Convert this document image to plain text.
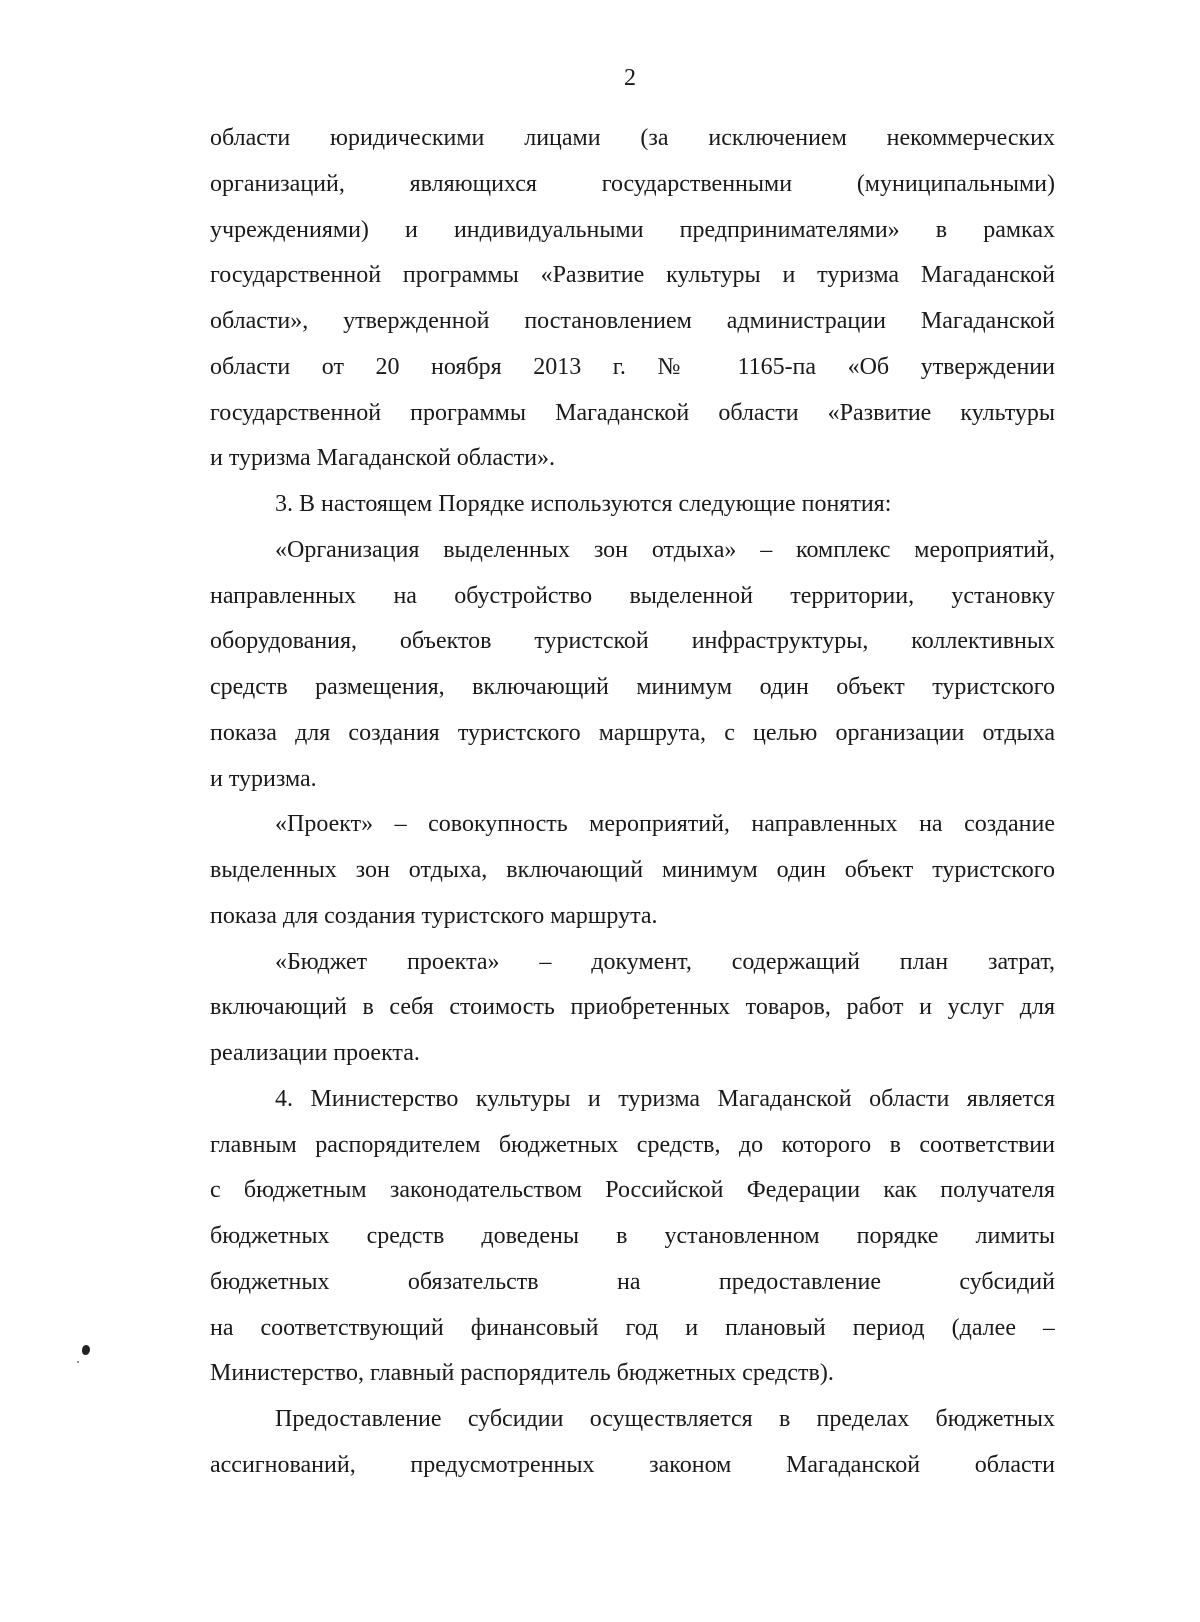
2
области юридическими лицами (за исключением некоммерческих
организаций, являющихся государственными (муниципальными)
учреждениями) и индивидуальными предпринимателями» в рамках
государственной программы «Развитие культуры и туризма Магаданской
области», утвержденной постановлением администрации Магаданской
области от 20 ноября 2013 г. № 1165-па «Об утверждении
государственной программы Магаданской области «Развитие культуры
и туризма Магаданской области».
3. В настоящем Порядке используются следующие понятия:
«Организация выделенных зон отдыха» – комплекс мероприятий,
направленных на обустройство выделенной территории, установку
оборудования, объектов туристской инфраструктуры, коллективных
средств размещения, включающий минимум один объект туристского
показа для создания туристского маршрута, с целью организации отдыха
и туризма.
«Проект» – совокупность мероприятий, направленных на создание
выделенных зон отдыха, включающий минимум один объект туристского
показа для создания туристского маршрута.
«Бюджет проекта» – документ, содержащий план затрат,
включающий в себя стоимость приобретенных товаров, работ и услуг для
реализации проекта.
4. Министерство культуры и туризма Магаданской области является
главным распорядителем бюджетных средств, до которого в соответствии
с бюджетным законодательством Российской Федерации как получателя
бюджетных средств доведены в установленном порядке лимиты
бюджетных обязательств на предоставление субсидий
на соответствующий финансовый год и плановый период (далее –
Министерство, главный распорядитель бюджетных средств).
Предоставление субсидии осуществляется в пределах бюджетных
ассигнований, предусмотренных законом Магаданской области
